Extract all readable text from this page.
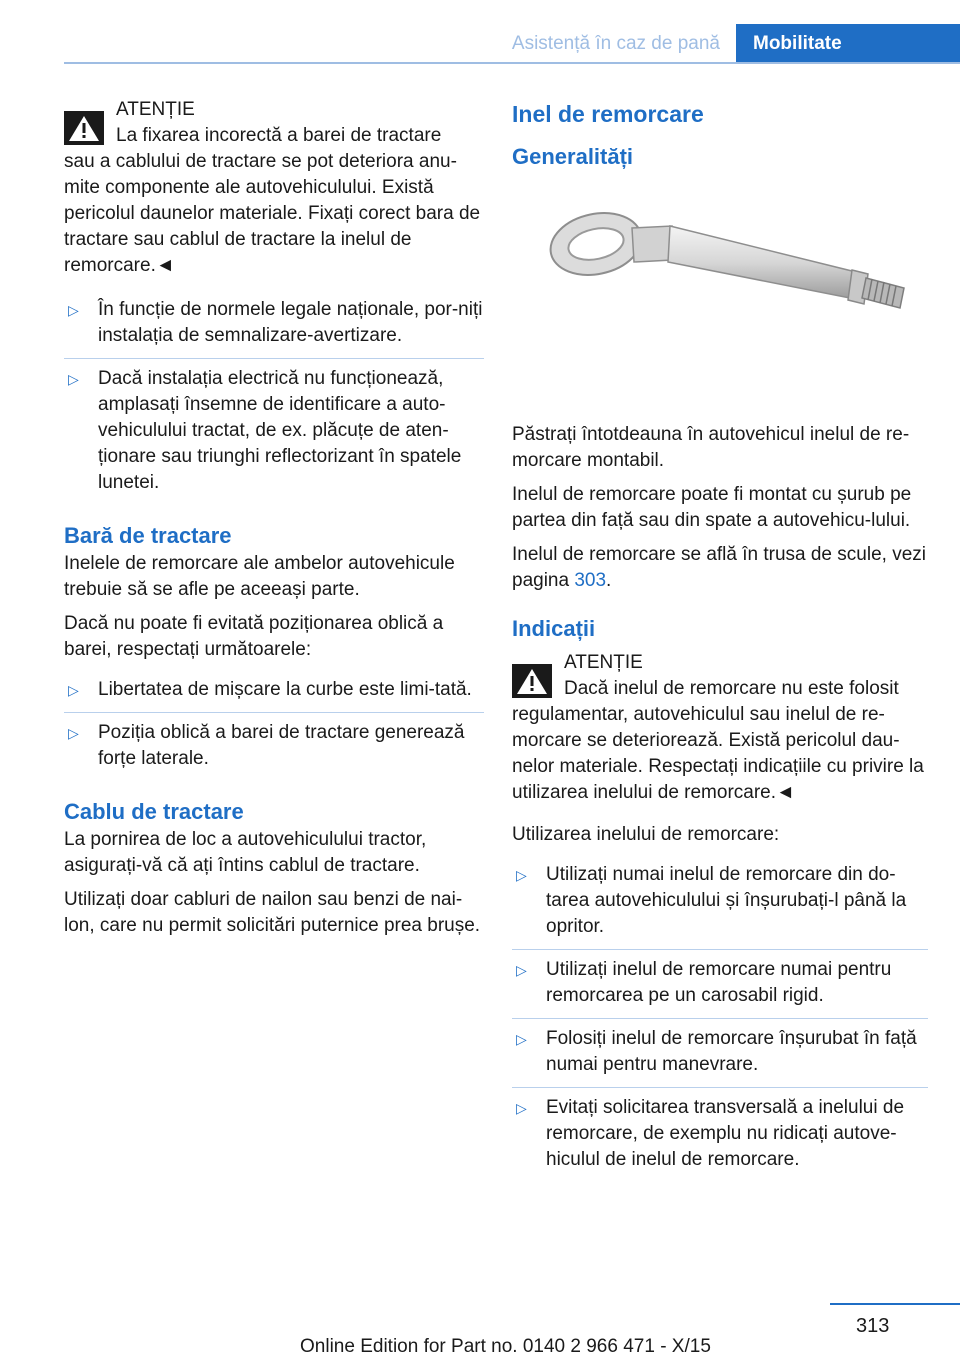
Asistență în caz de pană	Mobilitate
ATENȚIE
La fixarea incorectă a barei de tractare
sau a cablului de tractare se pot deteriora anu-mite componente ale autovehiculului. Există pericolul daunelor materiale. Fixați corect bara de tractare sau cablul de tractare la inelul de remorcare.◄
▷ În funcție de normele legale naționale, por-niți instalația de semnalizare-avertizare.
▷ Dacă instalația electrică nu funcționează, amplasați însemne de identificare a auto-vehiculului tractat, de ex. plăcuțe de aten-ționare sau triunghi reflectorizant în spatele lunetei.
Bară de tractare
Inelele de remorcare ale ambelor autovehicule trebuie să se afle pe aceeași parte.
Dacă nu poate fi evitată poziționarea oblică a barei, respectați următoarele:
▷ Libertatea de mișcare la curbe este limi-tată.
▷ Poziția oblică a barei de tractare generează forțe laterale.
Cablu de tractare
La pornirea de loc a autovehiculului tractor, asigurați-vă că ați întins cablul de tractare.
Utilizați doar cabluri de nailon sau benzi de nai-lon, care nu permit solicitări puternice prea brușe.
Inel de remorcare
Generalități
Păstrați întotdeauna în autovehicul inelul de re-morcare montabil.
Inelul de remorcare poate fi montat cu șurub pe partea din față sau din spate a autovehicu-lului.
Inelul de remorcare se află în trusa de scule, vezi pagina 303.
Indicații
ATENȚIE
Dacă inelul de remorcare nu este folosit
regulamentar, autovehiculul sau inelul de re-morcare se deteriorează. Există pericolul dau-nelor materiale. Respectați indicațiile cu privire la utilizarea inelului de remorcare.◄
Utilizarea inelului de remorcare:
▷ Utilizați numai inelul de remorcare din do-tarea autovehiculului și înșurubați-l până la opritor.
▷ Utilizați inelul de remorcare numai pentru remorcarea pe un carosabil rigid.
▷ Folosiți inelul de remorcare înșurubat în față numai pentru manevrare.
▷ Evitați solicitarea transversală a inelului de remorcare, de exemplu nu ridicați autove-hiculul de inelul de remorcare.
313
Online Edition for Part no. 0140 2 966 471 - X/15
